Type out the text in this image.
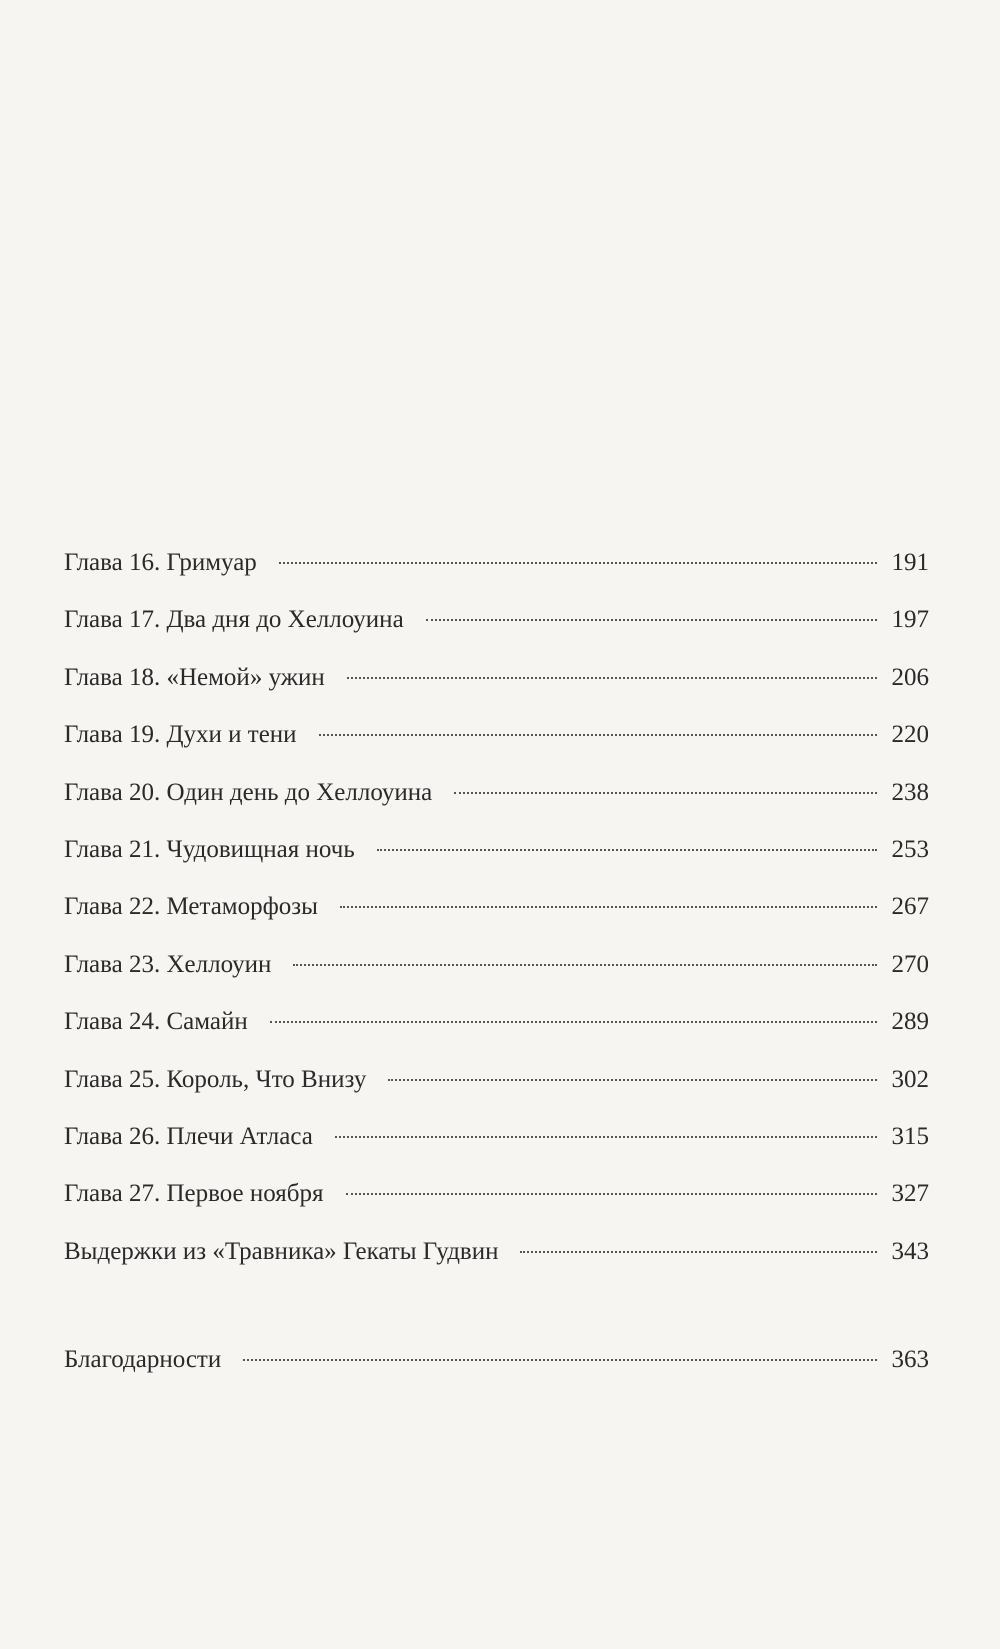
Глава 16. Гримуар	191
Глава 17. Два дня до Хеллоуина	197
Глава 18. «Немой» ужин	206
Глава 19. Духи и тени	220
Глава 20. Один день до Хеллоуина	238
Глава 21. Чудовищная ночь	253
Глава 22. Метаморфозы	267
Глава 23. Хеллоуин	270
Глава 24. Самайн	289
Глава 25. Король, Что Внизу	302
Глава 26. Плечи Атласа	315
Глава 27. Первое ноября	327
Выдержки из «Травника» Гекаты Гудвин	343
Благодарности	363
